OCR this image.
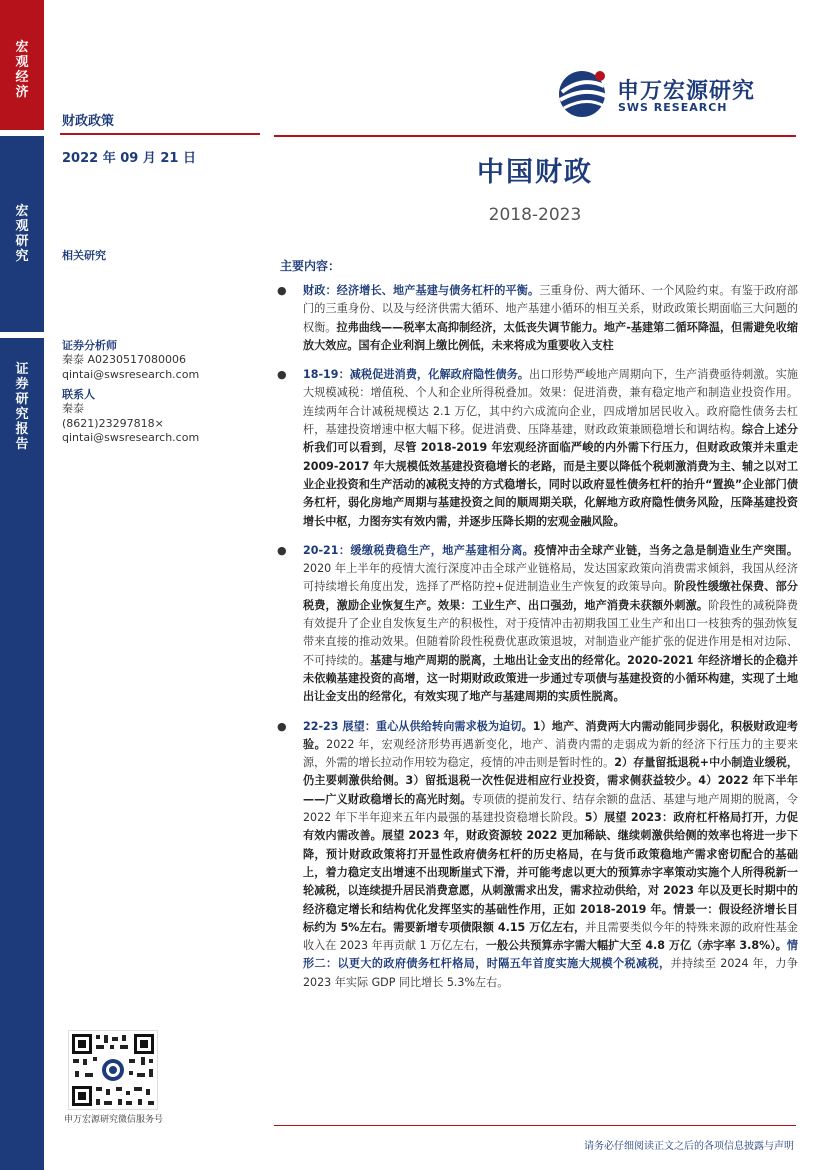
宏观经济
宏观研究
证券研究报告
财政政策
2022 年 09 月 21 日
相关研究
证券分析师
秦泰 A0230517080006
qintai@swsresearch.com
联系人
秦泰
(8621)23297818×
qintai@swsresearch.com
申万宏源研究微信服务号
申万宏源研究
SWS RESEARCH
中国财政
2018-2023
主要内容：
● 财政：经济增长、地产基建与债务杠杆的平衡。三重身份、两大循环、一个风险约束。有鉴于政府部门的三重身份、以及与经济供需大循环、地产基建小循环的相互关系，财政政策长期面临三大问题的权衡。拉弗曲线——税率太高抑制经济，太低丧失调节能力。地产-基建第二循环降温，但需避免收缩放大效应。国有企业利润上缴比例低，未来将成为重要收入支柱
● 18-19：减税促进消费，化解政府隐性债务。出口形势严峻地产周期向下，生产消费亟待刺激。实施大规模减税：增值税、个人和企业所得税叠加。效果：促进消费，兼有稳定地产和制造业投资作用。连续两年合计减税规模达 2.1 万亿，其中约六成流向企业，四成增加居民收入。政府隐性债务去杠杆，基建投资增速中枢大幅下移。促进消费、压降基建，财政政策兼顾稳增长和调结构。综合上述分析我们可以看到，尽管 2018-2019 年宏观经济面临严峻的内外需下行压力，但财政政策并未重走 2009-2017 年大规模低效基建投资稳增长的老路，而是主要以降低个税刺激消费为主、辅之以对工业企业投资和生产活动的减税支持的方式稳增长，同时以政府显性债务杠杆的抬升“置换”企业部门债务杠杆，弱化房地产周期与基建投资之间的顺周期关联，化解地方政府隐性债务风险，压降基建投资增长中枢，力图夯实有效内需，并逐步压降长期的宏观金融风险。
● 20-21：缓缴税费稳生产，地产基建相分离。疫情冲击全球产业链，当务之急是制造业生产突围。2020 年上半年的疫情大流行深度冲击全球产业链格局，发达国家政策向消费需求倾斜，我国从经济可持续增长角度出发，选择了严格防控+促进制造业生产恢复的政策导向。阶段性缓缴社保费、部分税费，激励企业恢复生产。效果：工业生产、出口强劲，地产消费未获额外刺激。阶段性的减税降费有效提升了企业自发恢复生产的积极性，对于疫情冲击初期我国工业生产和出口一枝独秀的强劲恢复带来直接的推动效果。但随着阶段性税费优惠政策退坡，对制造业产能扩张的促进作用是相对边际、不可持续的。基建与地产周期的脱离，土地出让金支出的经常化。2020-2021 年经济增长的企稳并未依赖基建投资的高增，这一时期财政政策进一步通过专项债与基建投资的小循环构建，实现了土地出让金支出的经常化，有效实现了地产与基建周期的实质性脱离。
● 22-23 展望：重心从供给转向需求极为迫切。1）地产、消费两大内需动能同步弱化，积极财政迎考验。2022 年，宏观经济形势再遇新变化，地产、消费内需的走弱成为新的经济下行压力的主要来源，外需的增长拉动作用较为稳定，疫情的冲击则是暂时性的。2）存量留抵退税+中小制造业缓税，仍主要刺激供给侧。3）留抵退税一次性促进相应行业投资，需求侧获益较少。4）2022 年下半年——广义财政稳增长的高光时刻。专项债的提前发行、结存余额的盘活、基建与地产周期的脱离，令 2022 年下半年迎来五年内最强的基建投资稳增长阶段。5）展望 2023：政府杠杆格局打开，力促有效内需改善。展望 2023 年，财政资源较 2022 更加稀缺、继续刺激供给侧的效率也将进一步下降，预计财政政策将打开显性政府债务杠杆的历史格局，在与货币政策稳地产需求密切配合的基础上，着力稳定支出增速不出现断崖式下滑，并可能考虑以更大的预算赤字率策动实施个人所得税新一轮减税，以连续提升居民消费意愿，从刺激需求出发，需求拉动供给，对 2023 年以及更长时期中的经济稳定增长和结构优化发挥坚实的基础性作用，正如 2018-2019 年。情景一：假设经济增长目标约为 5%左右。需要新增专项债限额 4.15 万亿左右，并且需要类似今年的特殊来源的政府性基金收入在 2023 年再贡献 1 万亿左右，一般公共预算赤字需大幅扩大至 4.8 万亿（赤字率 3.8%）。情形二：以更大的政府债务杠杆格局，时隔五年首度实施大规模个税减税，并持续至 2024 年，力争 2023 年实际 GDP 同比增长 5.3%左右。
请务必仔细阅读正文之后的各项信息披露与声明
